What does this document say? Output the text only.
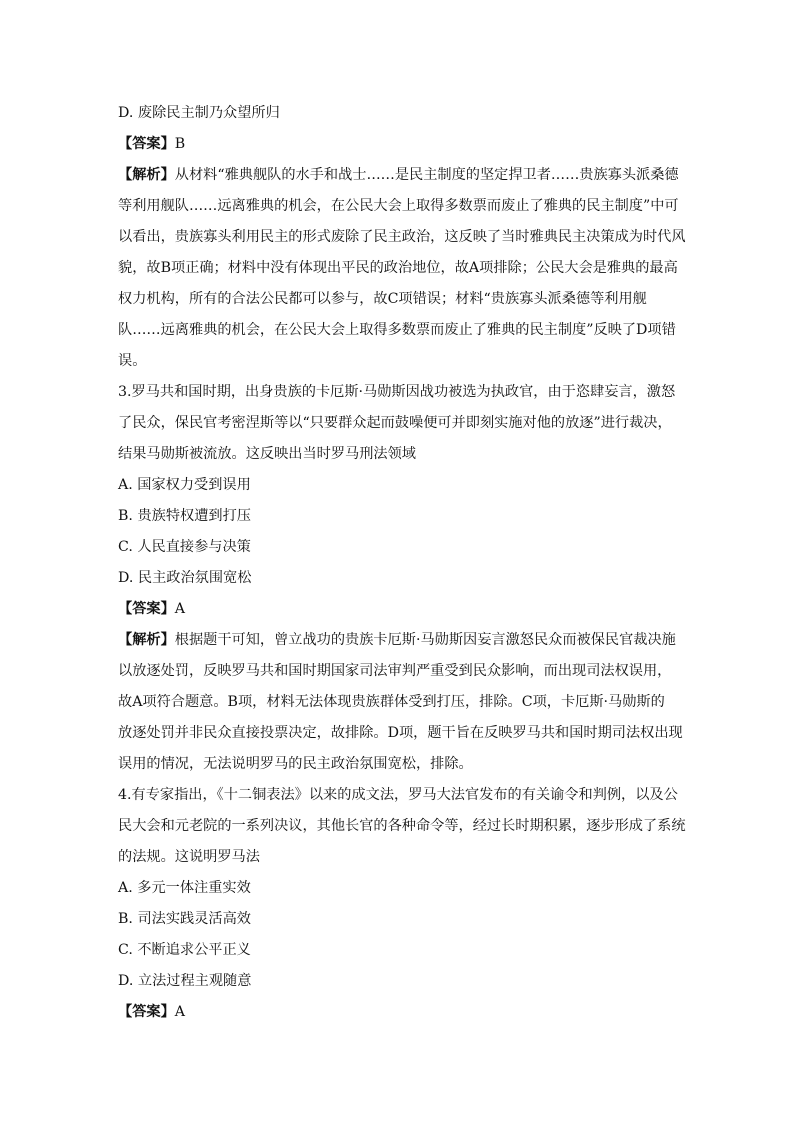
D. 废除民主制乃众望所归

【答案】B

【解析】从材料“雅典舰队的水手和战士……是民主制度的坚定捍卫者……贵族寡头派桑德
等利用舰队……远离雅典的机会，在公民大会上取得多数票而废止了雅典的民主制度”中可
以看出，贵族寡头利用民主的形式废除了民主政治，这反映了当时雅典民主决策成为时代风
貌，故B项正确；材料中没有体现出平民的政治地位，故A项排除；公民大会是雅典的最高
权力机构，所有的合法公民都可以参与，故C项错误；材料“贵族寡头派桑德等利用舰
队……远离雅典的机会，在公民大会上取得多数票而废止了雅典的民主制度”反映了D项错
误。
3.罗马共和国时期，出身贵族的卡厄斯·马勋斯因战功被选为执政官，由于恣肆妄言，激怒
了民众，保民官考密涅斯等以“只要群众起而鼓噪便可并即刻实施对他的放逐”进行裁决，
结果马勋斯被流放。这反映出当时罗马刑法领域

A. 国家权力受到误用

B. 贵族特权遭到打压

C. 人民直接参与决策

D. 民主政治氛围宽松

【答案】A

【解析】根据题干可知，曾立战功的贵族卡厄斯·马勋斯因妄言激怒民众而被保民官裁决施
以放逐处罚，反映罗马共和国时期国家司法审判严重受到民众影响，而出现司法权误用，
故A项符合题意。B项，材料无法体现贵族群体受到打压，排除。C项，卡厄斯·马勋斯的
放逐处罚并非民众直接投票决定，故排除。D项，题干旨在反映罗马共和国时期司法权出现
误用的情况，无法说明罗马的民主政治氛围宽松，排除。
4.有专家指出，《十二铜表法》以来的成文法，罗马大法官发布的有关谕令和判例，以及公
民大会和元老院的一系列决议，其他长官的各种命令等，经过长时期积累，逐步形成了系统
的法规。这说明罗马法

A. 多元一体注重实效

B. 司法实践灵活高效

C. 不断追求公平正义

D. 立法过程主观随意

【答案】A
